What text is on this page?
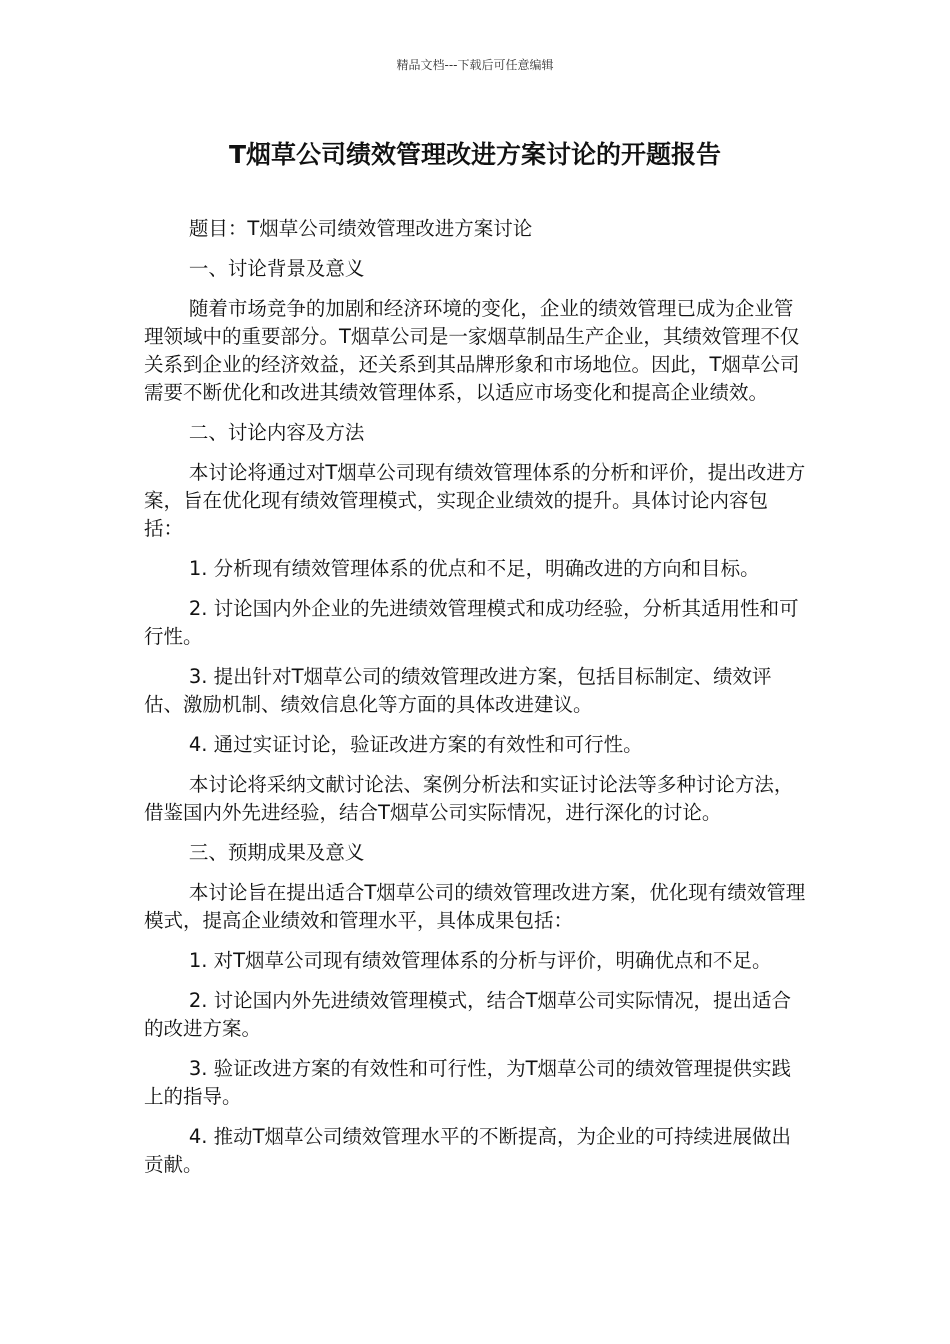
精品文档---下载后可任意编辑
T烟草公司绩效管理改进方案讨论的开题报告

题目：T烟草公司绩效管理改进方案讨论

一、讨论背景及意义

随着市场竞争的加剧和经济环境的变化，企业的绩效管理已成为企业管理领域中的重要部分。T烟草公司是一家烟草制品生产企业，其绩效管理不仅关系到企业的经济效益，还关系到其品牌形象和市场地位。因此，T烟草公司需要不断优化和改进其绩效管理体系，以适应市场变化和提高企业绩效。

二、讨论内容及方法

本讨论将通过对T烟草公司现有绩效管理体系的分析和评价，提出改进方案，旨在优化现有绩效管理模式，实现企业绩效的提升。具体讨论内容包括：

1. 分析现有绩效管理体系的优点和不足，明确改进的方向和目标。

2. 讨论国内外企业的先进绩效管理模式和成功经验，分析其适用性和可行性。

3. 提出针对T烟草公司的绩效管理改进方案，包括目标制定、绩效评估、激励机制、绩效信息化等方面的具体改进建议。

4. 通过实证讨论，验证改进方案的有效性和可行性。

本讨论将采纳文献讨论法、案例分析法和实证讨论法等多种讨论方法，借鉴国内外先进经验，结合T烟草公司实际情况，进行深化的讨论。

三、预期成果及意义

本讨论旨在提出适合T烟草公司的绩效管理改进方案，优化现有绩效管理模式，提高企业绩效和管理水平，具体成果包括：

1. 对T烟草公司现有绩效管理体系的分析与评价，明确优点和不足。

2. 讨论国内外先进绩效管理模式，结合T烟草公司实际情况，提出适合的改进方案。

3. 验证改进方案的有效性和可行性，为T烟草公司的绩效管理提供实践上的指导。

4. 推动T烟草公司绩效管理水平的不断提高，为企业的可持续进展做出贡献。
